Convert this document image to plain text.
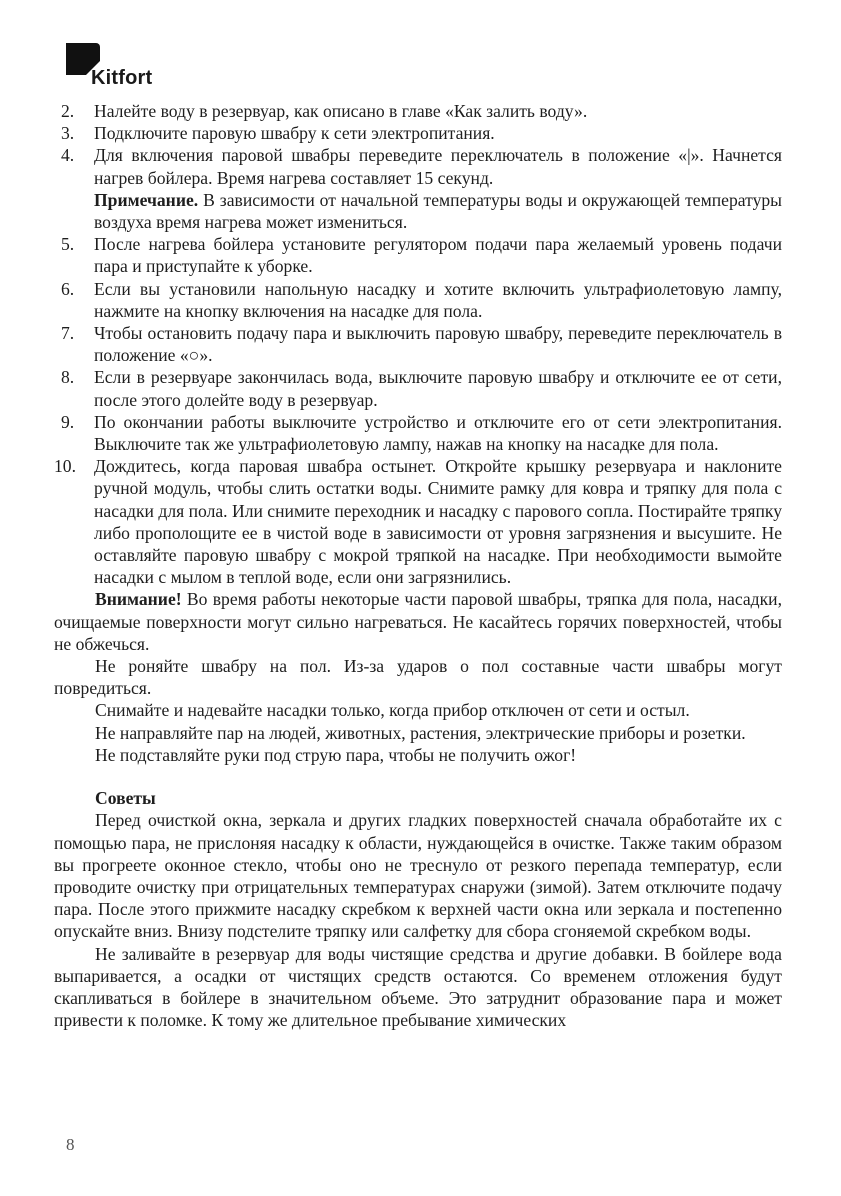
Kitfort
2. Налейте воду в резервуар, как описано в главе «Как залить воду».
3. Подключите паровую швабру к сети электропитания.
4. Для включения паровой швабры переведите переключатель в положение «|». Начнется нагрев бойлера. Время нагрева составляет 15 секунд.
Примечание. В зависимости от начальной температуры воды и окружающей температуры воздуха время нагрева может измениться.
5. После нагрева бойлера установите регулятором подачи пара желаемый уровень подачи пара и приступайте к уборке.
6. Если вы установили напольную насадку и хотите включить ультрафиолетовую лампу, нажмите на кнопку включения на насадке для пола.
7. Чтобы остановить подачу пара и выключить паровую швабру, переведите переключатель в положение «○».
8. Если в резервуаре закончилась вода, выключите паровую швабру и отключите ее от сети, после этого долейте воду в резервуар.
9. По окончании работы выключите устройство и отключите его от сети электропитания. Выключите так же ультрафиолетовую лампу, нажав на кнопку на насадке для пола.
10. Дождитесь, когда паровая швабра остынет. Откройте крышку резервуара и наклоните ручной модуль, чтобы слить остатки воды. Снимите рамку для ковра и тряпку для пола с насадки для пола. Или снимите переходник и насадку с парового сопла. Постирайте тряпку либо прополощите ее в чистой воде в зависимости от уровня загрязнения и высушите. Не оставляйте паровую швабру с мокрой тряпкой на насадке. При необходимости вымойте насадки с мылом в теплой воде, если они загрязнились.

Внимание! Во время работы некоторые части паровой швабры, тряпка для пола, насадки, очищаемые поверхности могут сильно нагреваться. Не касайтесь горячих поверхностей, чтобы не обжечься.

Не роняйте швабру на пол. Из-за ударов о пол составные части швабры могут повредиться.

Снимайте и надевайте насадки только, когда прибор отключен от сети и остыл.

Не направляйте пар на людей, животных, растения, электрические приборы и розетки.

Не подставляйте руки под струю пара, чтобы не получить ожог!

Советы

Перед очисткой окна, зеркала и других гладких поверхностей сначала обработайте их с помощью пара, не прислоняя насадку к области, нуждающейся в очистке. Также таким образом вы прогреете оконное стекло, чтобы оно не треснуло от резкого перепада температур, если проводите очистку при отрицательных температурах снаружи (зимой). Затем отключите подачу пара. После этого прижмите насадку скребком к верхней части окна или зеркала и постепенно опускайте вниз. Внизу подстелите тряпку или салфетку для сбора сгоняемой скребком воды.

Не заливайте в резервуар для воды чистящие средства и другие добавки. В бойлере вода выпаривается, а осадки от чистящих средств остаются. Со временем отложения будут скапливаться в бойлере в значительном объеме. Это затруднит образование пара и может привести к поломке. К тому же длительное пребывание химических

8
